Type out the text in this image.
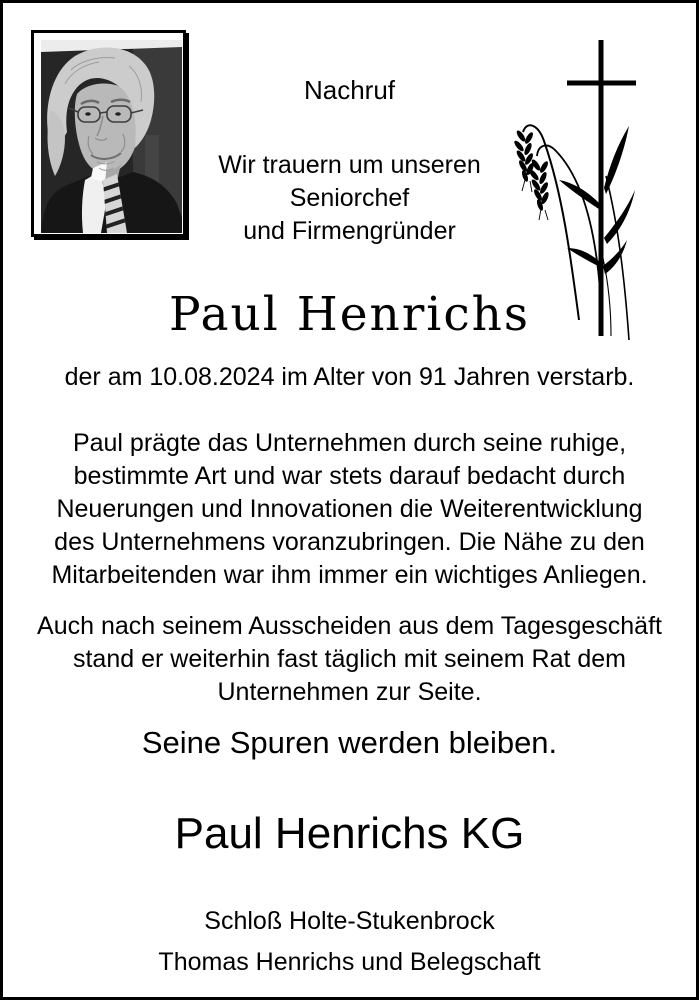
Nachruf
Wir trauern um unseren
Seniorchef
und Firmengründer
Paul Henrichs
der am 10.08.2024 im Alter von 91 Jahren verstarb.
Paul prägte das Unternehmen durch seine ruhige,
bestimmte Art und war stets darauf bedacht durch
Neuerungen und Innovationen die Weiterentwicklung
des Unternehmens voranzubringen. Die Nähe zu den
Mitarbeitenden war ihm immer ein wichtiges Anliegen.
Auch nach seinem Ausscheiden aus dem Tagesgeschäft
stand er weiterhin fast täglich mit seinem Rat dem
Unternehmen zur Seite.
Seine Spuren werden bleiben.
Paul Henrichs KG
Schloß Holte-Stukenbrock
Thomas Henrichs und Belegschaft
